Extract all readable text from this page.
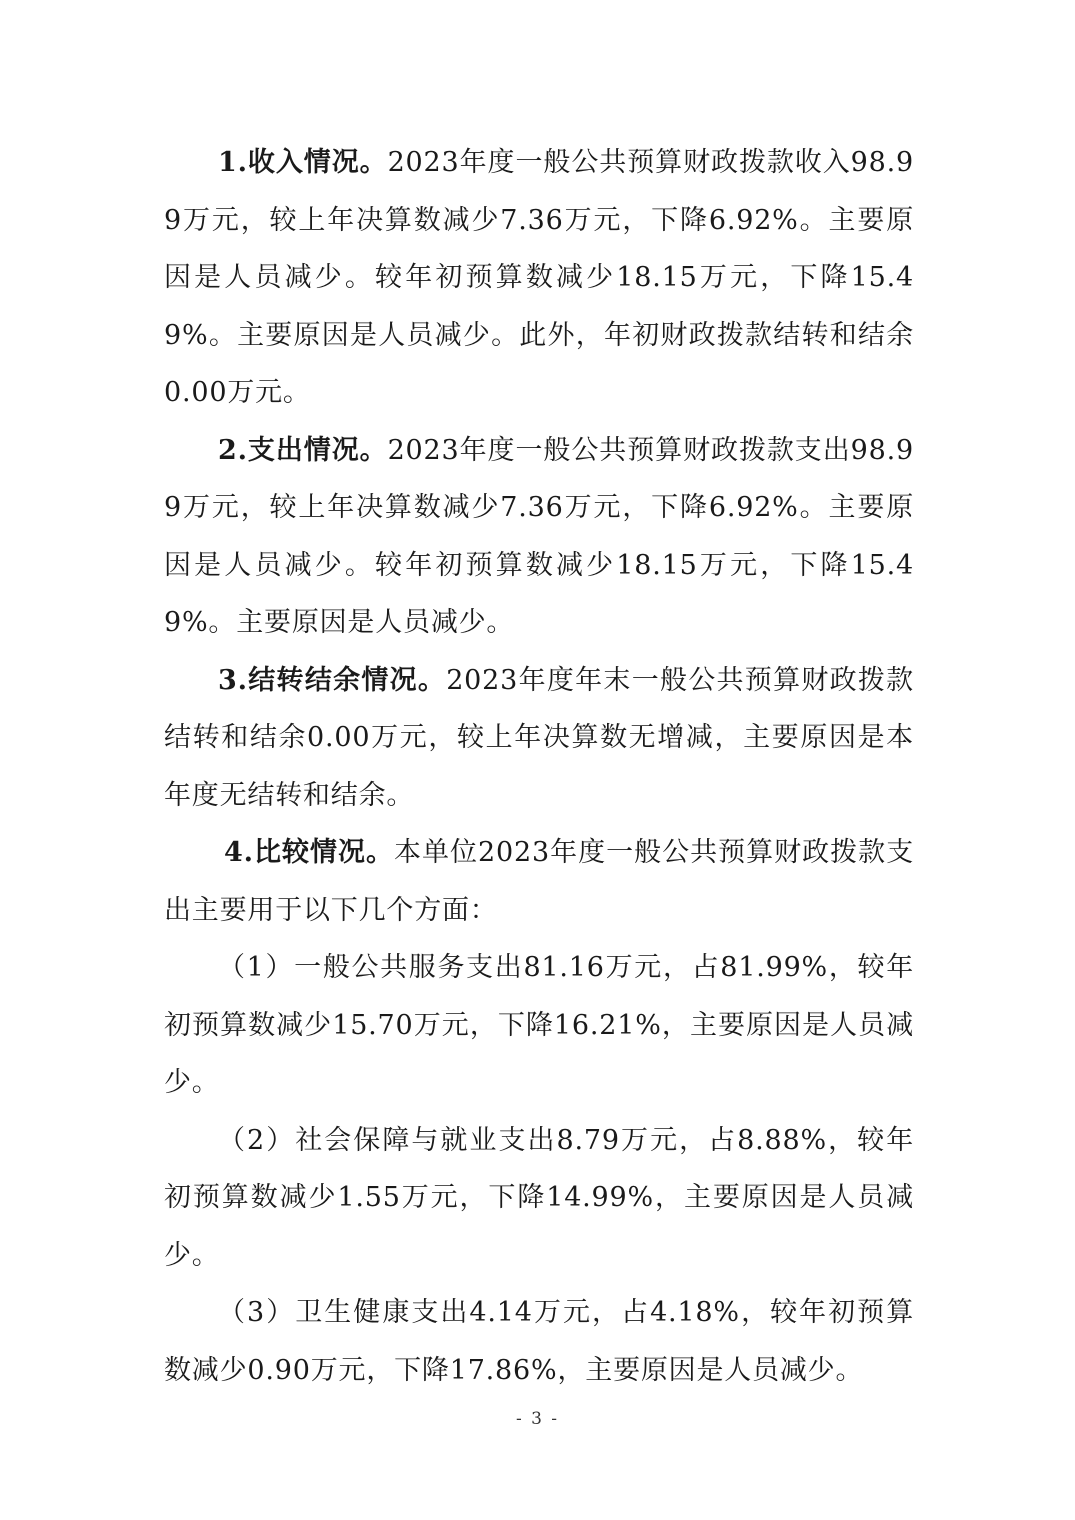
1.收入情况。2023年度一般公共预算财政拨款收入98.99万元，较上年决算数减少7.36万元，下降6.92%。主要原因是人员减少。较年初预算数减少18.15万元，下降15.49%。主要原因是人员减少。此外，年初财政拨款结转和结余0.00万元。

2.支出情况。2023年度一般公共预算财政拨款支出98.99万元，较上年决算数减少7.36万元，下降6.92%。主要原因是人员减少。较年初预算数减少18.15万元，下降15.49%。主要原因是人员减少。

3.结转结余情况。2023年度年末一般公共预算财政拨款结转和结余0.00万元，较上年决算数无增减，主要原因是本年度无结转和结余。

4.比较情况。本单位2023年度一般公共预算财政拨款支出主要用于以下几个方面：

（1）一般公共服务支出81.16万元，占81.99%，较年初预算数减少15.70万元，下降16.21%，主要原因是人员减少。

（2）社会保障与就业支出8.79万元，占8.88%，较年初预算数减少1.55万元，下降14.99%，主要原因是人员减少。

（3）卫生健康支出4.14万元，占4.18%，较年初预算数减少0.90万元，下降17.86%，主要原因是人员减少。

- 3 -
